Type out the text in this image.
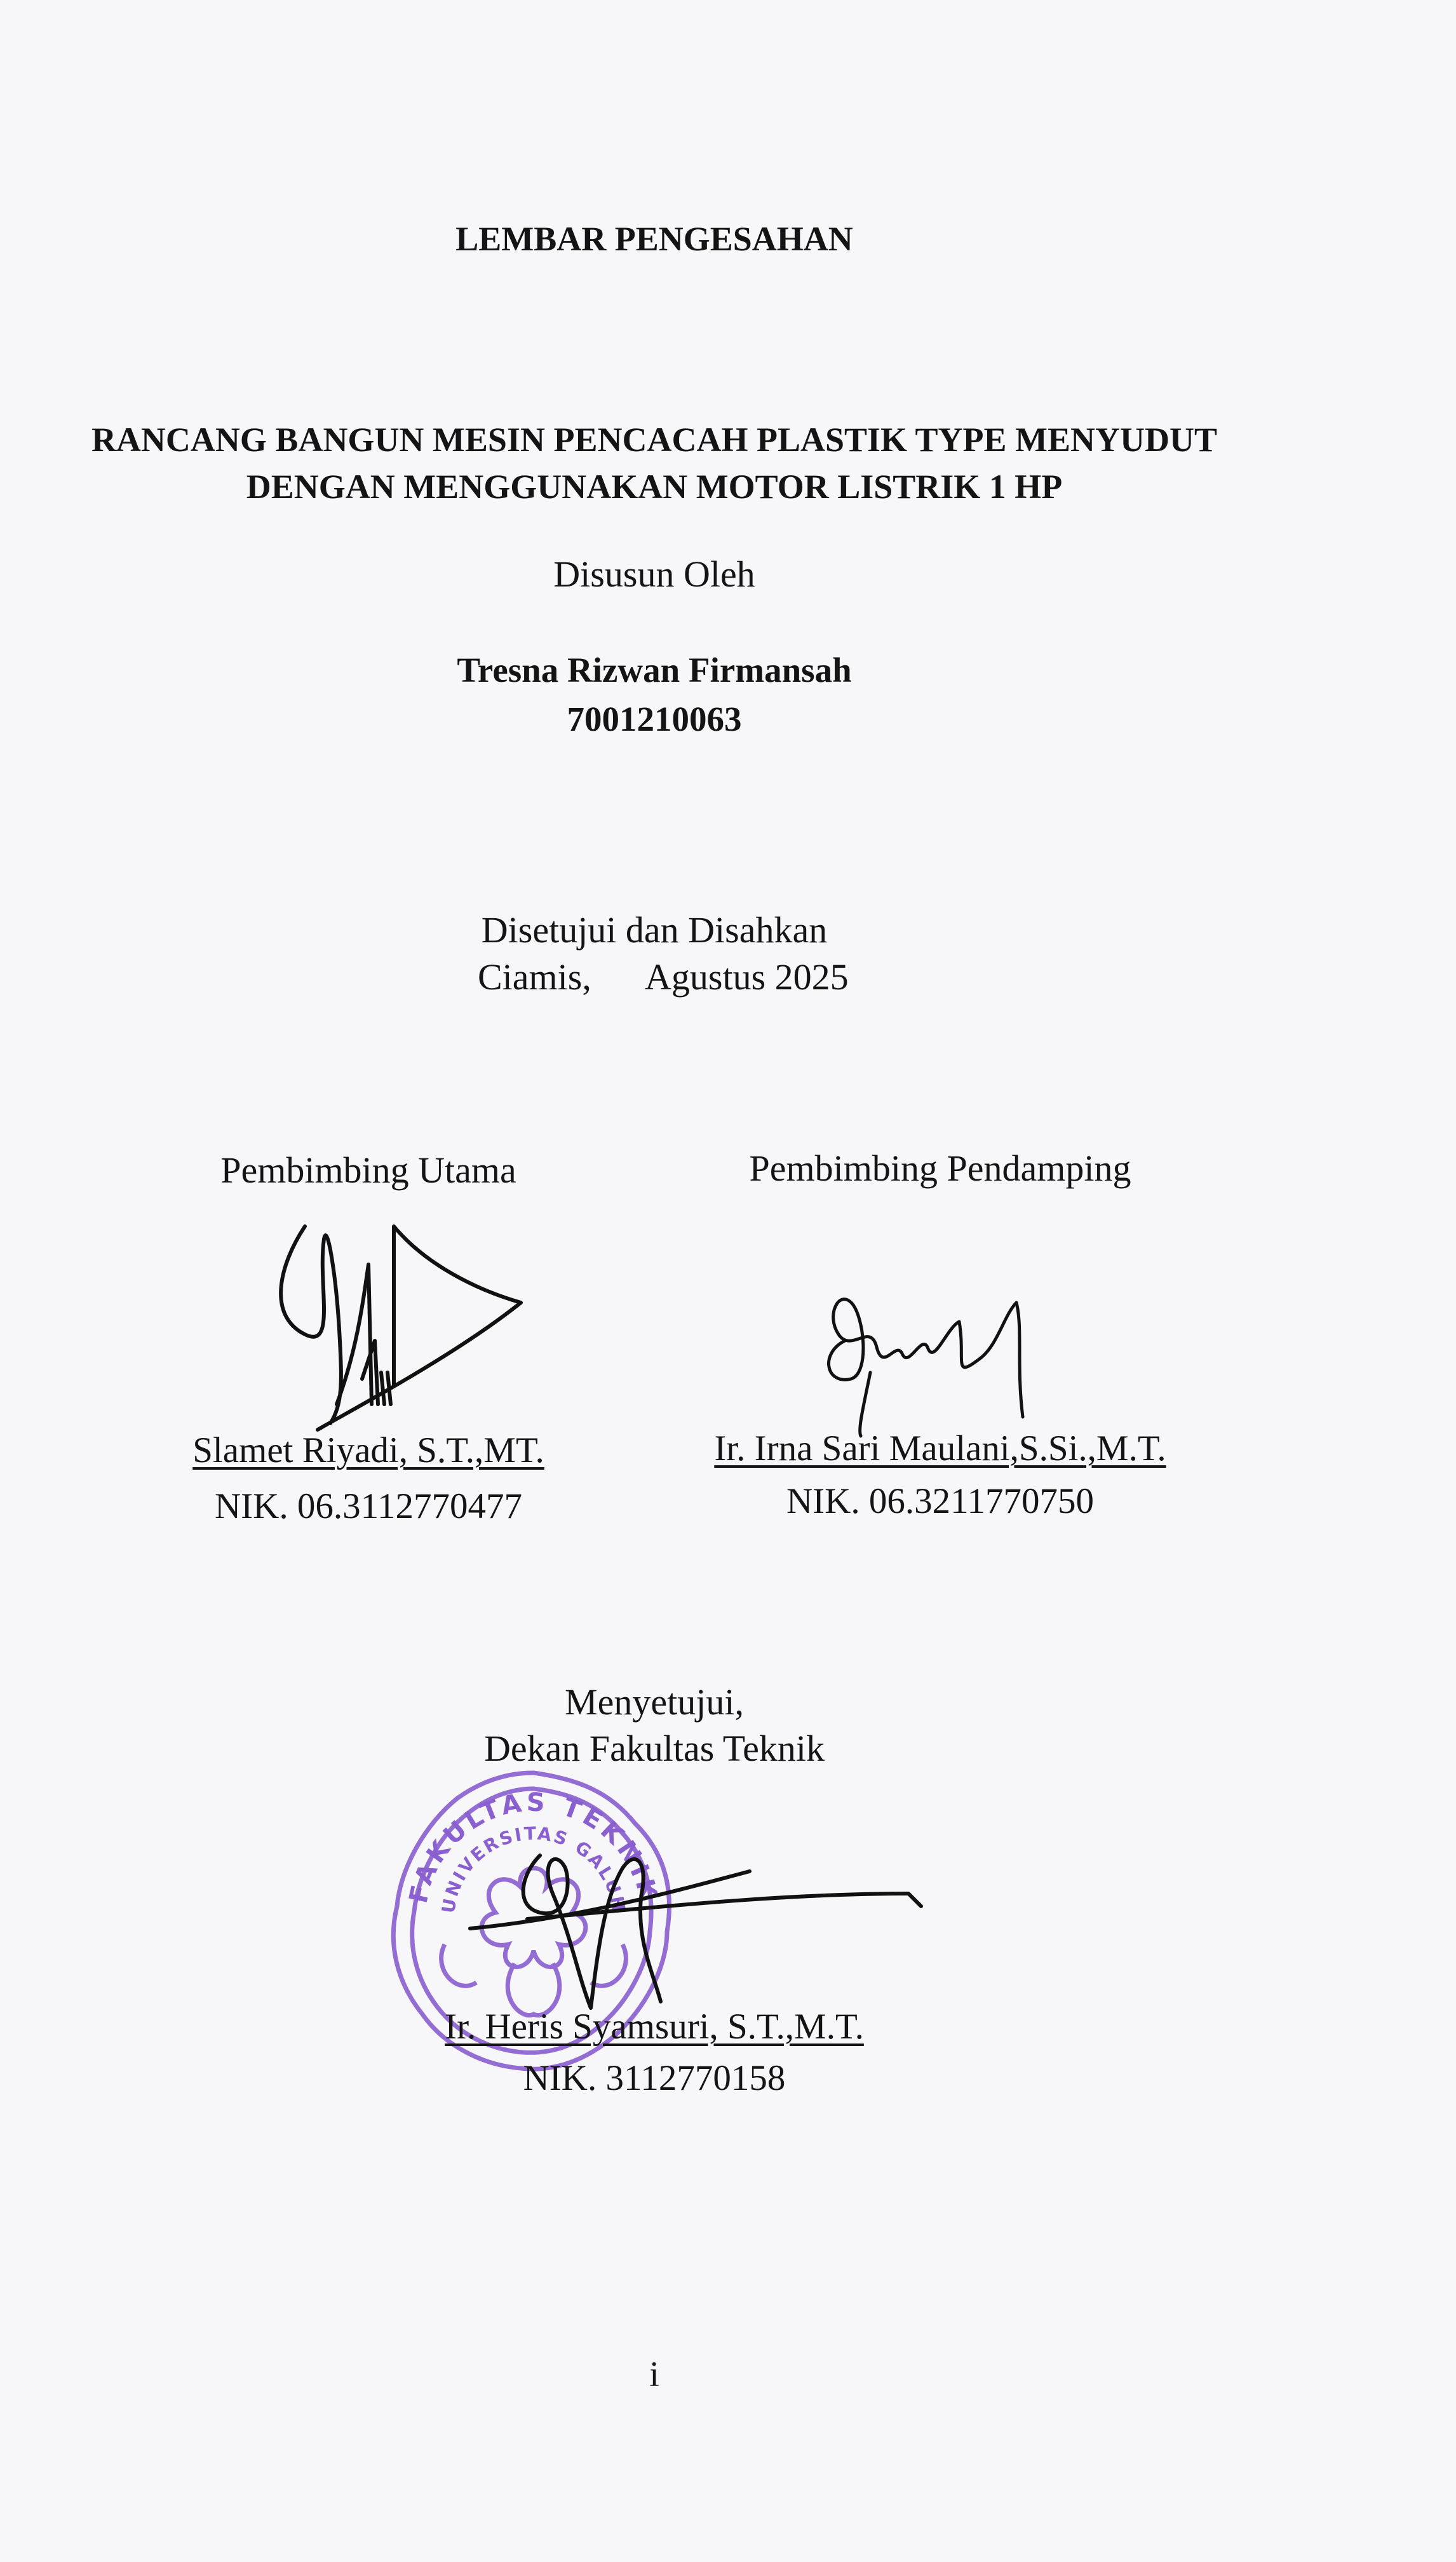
LEMBAR PENGESAHAN
RANCANG BANGUN MESIN PENCACAH PLASTIK TYPE MENYUDUT
DENGAN MENGGUNAKAN MOTOR LISTRIK 1 HP
Disusun Oleh
Tresna Rizwan Firmansah
7001210063
Disetujui dan Disahkan
Ciamis, Agustus 2025
Pembimbing Utama	Pembimbing Pendamping
Slamet Riyadi, S.T.,MT.
NIK. 06.3112770477
Ir. Irna Sari Maulani,S.Si.,M.T.
NIK. 06.3211770750
Menyetujui,
Dekan Fakultas Teknik
FAKULTAS TEKNIK
UNIVERSITAS GALUH
Ir. Heris Syamsuri, S.T.,M.T.
NIK. 3112770158
i
